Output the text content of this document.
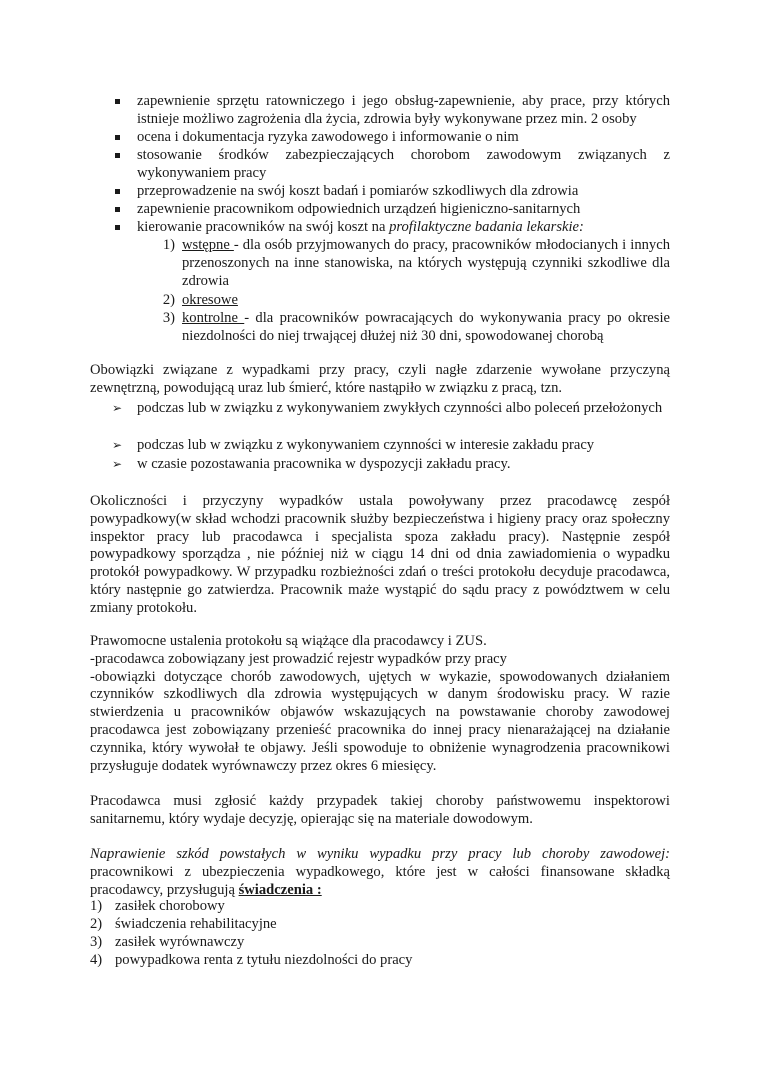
zapewnienie sprzętu ratowniczego i jego obsług-zapewnienie, aby prace, przy których istnieje możliwo zagrożenia dla życia, zdrowia były wykonywane przez min. 2 osoby

ocena i dokumentacja ryzyka zawodowego i informowanie o nim

stosowanie środków zabezpieczających chorobom zawodowym związanych z wykonywaniem pracy

przeprowadzenie na swój koszt badań i pomiarów szkodliwych dla zdrowia

zapewnienie pracownikom odpowiednich urządzeń higieniczno-sanitarnych

kierowanie pracowników na swój koszt na profilaktyczne badania lekarskie:

1) wstępne - dla osób przyjmowanych do pracy, pracowników młodocianych i innych przenoszonych na inne stanowiska, na których występują czynniki szkodliwe dla zdrowia

2) okresowe

3) kontrolne - dla pracowników powracających do wykonywania pracy po okresie niezdolności do niej trwającej dłużej niż 30 dni, spowodowanej chorobą

Obowiązki związane z wypadkami przy pracy, czyli nagłe zdarzenie wywołane przyczyną zewnętrzną, powodującą uraz lub śmierć, które nastąpiło w związku z pracą, tzn.

➢	podczas lub w związku z wykonywaniem zwykłych czynności albo poleceń przełożonych

➢	podczas lub w związku z wykonywaniem czynności w interesie zakładu pracy

➢	w czasie pozostawania pracownika w dyspozycji zakładu pracy.

Okoliczności i przyczyny wypadków ustala powoływany przez pracodawcę zespół powypadkowy(w skład wchodzi pracownik służby bezpieczeństwa i higieny pracy oraz społeczny inspektor pracy lub pracodawca i specjalista spoza zakładu pracy). Następnie zespół powypadkowy sporządza , nie później niż w ciągu 14 dni od dnia zawiadomienia o wypadku protokół powypadkowy. W przypadku rozbieżności zdań o treści protokołu decyduje pracodawca, który następnie go zatwierdza. Pracownik maże wystąpić do sądu pracy z powództwem w celu zmiany protokołu.

Prawomocne ustalenia protokołu są wiążące dla pracodawcy i ZUS.

-pracodawca zobowiązany jest prowadzić rejestr wypadków przy pracy

-obowiązki dotyczące chorób zawodowych, ujętych w wykazie, spowodowanych działaniem czynników szkodliwych dla zdrowia występujących w danym środowisku pracy. W razie stwierdzenia u pracowników objawów wskazujących na powstawanie choroby zawodowej pracodawca jest zobowiązany przenieść pracownika do innej pracy nienarażającej na działanie czynnika, który wywołał te objawy. Jeśli spowoduje to obniżenie wynagrodzenia pracownikowi przysługuje dodatek wyrównawczy przez okres 6 miesięcy.

Pracodawca musi zgłosić każdy przypadek takiej choroby państwowemu inspektorowi sanitarnemu, który wydaje decyzję, opierając się na materiale dowodowym.

Naprawienie szkód powstałych w wyniku wypadku przy pracy lub choroby zawodowej: pracownikowi z ubezpieczenia wypadkowego, które jest w całości finansowane składką pracodawcy, przysługują świadczenia :

1) zasiłek chorobowy

2) świadczenia rehabilitacyjne

3) zasiłek wyrównawczy

4) powypadkowa renta z tytułu niezdolności do pracy
